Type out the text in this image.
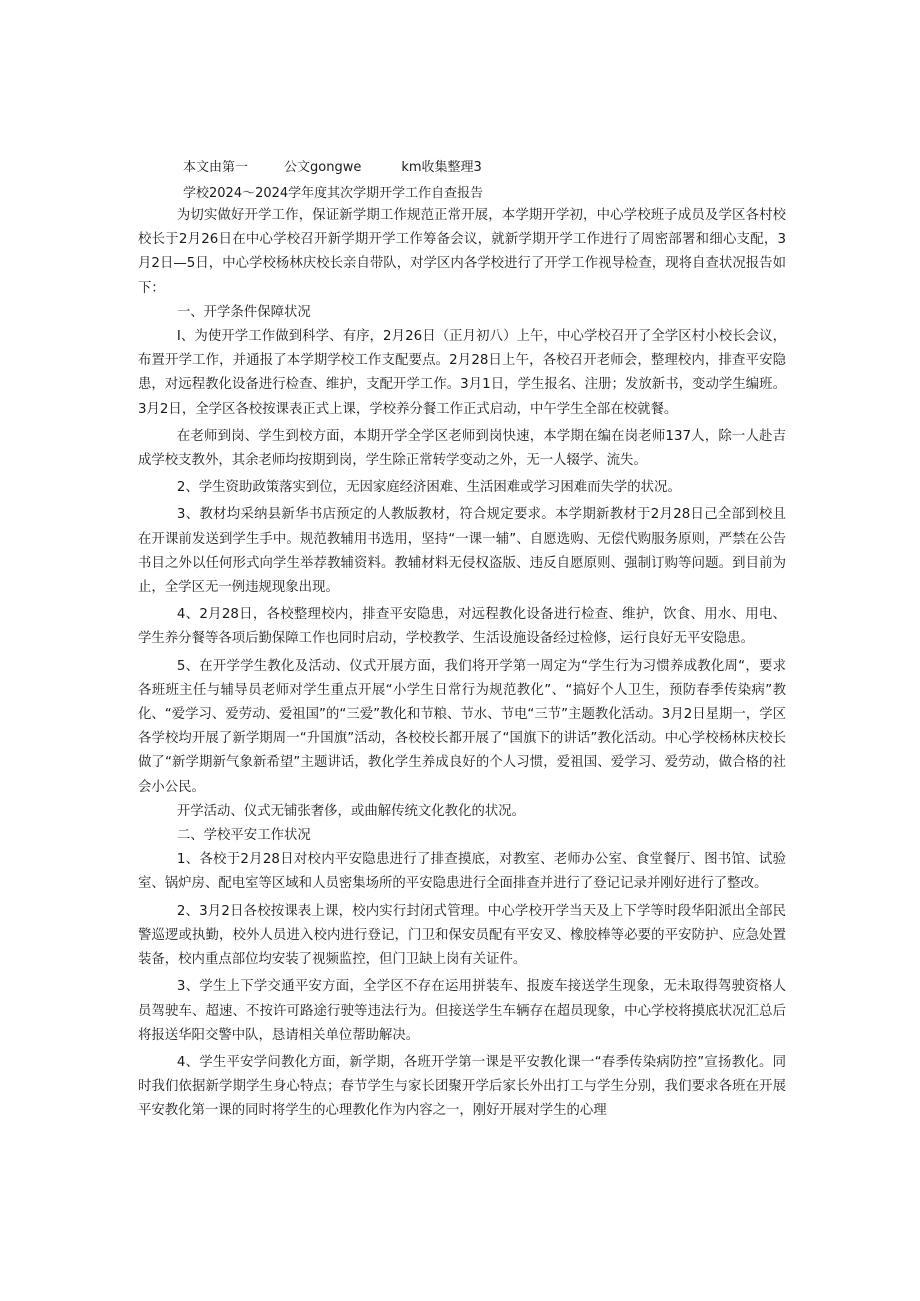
本文由第一	公文gongwe	km收集整理3
学校2024～2024学年度其次学期开学工作自查报告

为切实做好开学工作，保证新学期工作规范正常开展，本学期开学初，中心学校班子成员及学区各村校校长于2月26日在中心学校召开新学期开学工作筹备会议，就新学期开学工作进行了周密部署和细心支配，3月2日—5日，中心学校杨林庆校长亲自带队，对学区内各学校进行了开学工作视导检查，现将自查状况报告如下：

一、开学条件保障状况

I、为使开学工作做到科学、有序，2月26日（正月初八）上午，中心学校召开了全学区村小校长会议，布置开学工作，并通报了本学期学校工作支配要点。2月28日上午，各校召开老师会，整理校内，排查平安隐患，对远程教化设备进行检查、维护，支配开学工作。3月1日，学生报名、注册；发放新书，变动学生编班。3月2日，全学区各校按课表正式上课，学校养分餐工作正式启动，中午学生全部在校就餐。

在老师到岗、学生到校方面，本期开学全学区老师到岗快速，本学期在编在岗老师137人，除一人赴吉成学校支教外，其余老师均按期到岗，学生除正常转学变动之外，无一人辍学、流失。

2、学生资助政策落实到位，无因家庭经济困难、生活困难或学习困难而失学的状况。

3、教材均采纳县新华书店预定的人教版教材，符合规定要求。本学期新教材于2月28日己全部到校且在开课前发送到学生手中。规范教辅用书选用，坚持“一课一辅”、自愿选购、无偿代购服务原则，严禁在公告书目之外以任何形式向学生举荐教辅资料。教辅材料无侵权盗版、违反自愿原则、强制订购等问题。到目前为止，全学区无一例违规现象出现。

4、2月28日，各校整理校内，排查平安隐患，对远程教化设备进行检查、维护，饮食、用水、用电、学生养分餐等各项后勤保障工作也同时启动，学校教学、生活设施设备经过检修，运行良好无平安隐患。

5、在开学学生教化及活动、仪式开展方面，我们将开学第一周定为“学生行为习惯养成教化周“，要求各班班主任与辅导员老师对学生重点开展“小学生日常行为规范教化”、“搞好个人卫生，预防春季传染病”教化、“爱学习、爱劳动、爱祖国”的“三爱”教化和节粮、节水、节电“三节”主题教化活动。3月2日星期一，学区各学校均开展了新学期周一“升国旗”活动，各校校长都开展了“国旗下的讲话”教化活动。中心学校杨林庆校长做了“新学期新气象新希望”主题讲话，教化学生养成良好的个人习惯，爱祖国、爱学习、爱劳动，做合格的社会小公民。

开学活动、仪式无铺张奢侈，或曲解传统文化教化的状况。

二、学校平安工作状况

1、各校于2月28日对校内平安隐患进行了排查摸底，对教室、老师办公室、食堂餐厅、图书馆、试验室、锅炉房、配电室等区域和人员密集场所的平安隐患进行全面排查并进行了登记记录并刚好进行了整改。

2、3月2日各校按课表上课，校内实行封闭式管理。中心学校开学当天及上下学等时段华阳派出全部民警巡逻或执勤，校外人员进入校内进行登记，门卫和保安员配有平安叉、橡胶棒等必要的平安防护、应急处置装备，校内重点部位均安装了视频监控，但门卫缺上岗有关证件。

3、学生上下学交通平安方面，全学区不存在运用拼装车、报废车接送学生现象，无未取得驾驶资格人员驾驶车、超速、不按许可路途行驶等违法行为。但接送学生车辆存在超员现象，中心学校将摸底状况汇总后将报送华阳交警中队，恳请相关单位帮助解决。

4、学生平安学问教化方面，新学期，各班开学第一课是平安教化课一“春季传染病防控”宣扬教化。同时我们依据新学期学生身心特点；春节学生与家长团聚开学后家长外出打工与学生分别，我们要求各班在开展平安教化第一课的同时将学生的心理教化作为内容之一，刚好开展对学生的心理
